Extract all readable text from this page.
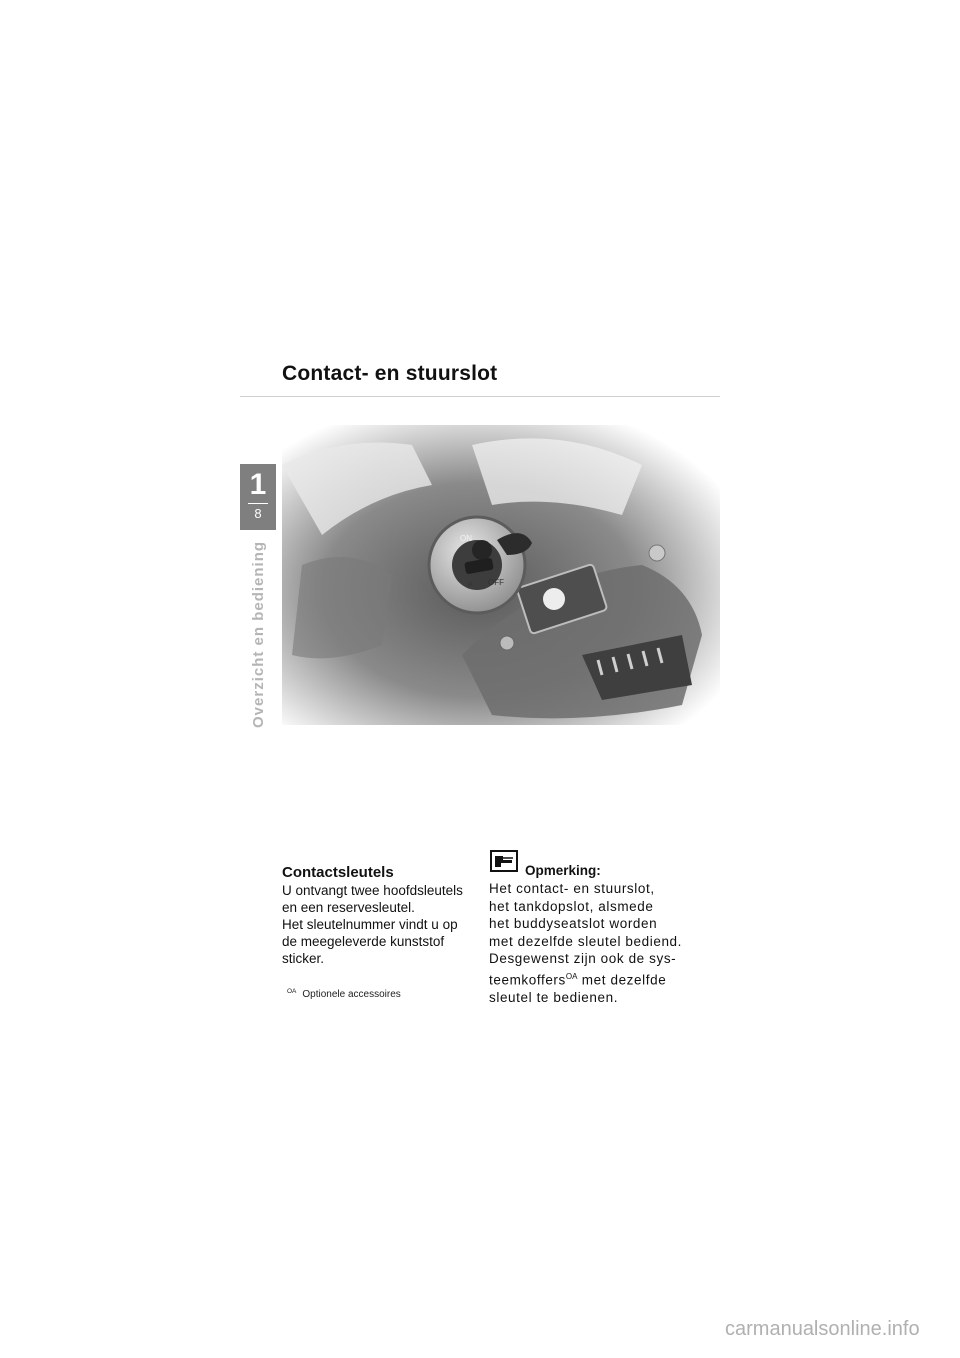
Contact- en stuurslot
1
8
Overzicht en bediening
ON
P OFF
Contactsleutels

U ontvangt twee hoofdsleutels

en een reservesleutel.

Het sleutelnummer vindt u op

de meegeleverde kunststof

sticker.

$^{OA}$ Optionele accessoires
Opmerking:
Het contact- en stuurslot,
het tankdopslot, alsmede
het buddyseatslot worden
met dezelfde sleutel bediend.
Desgewenst zijn ook de sys-
teemkoffers$^{OA}$ met dezelfde
sleutel te bedienen.
carmanualsonline.info
